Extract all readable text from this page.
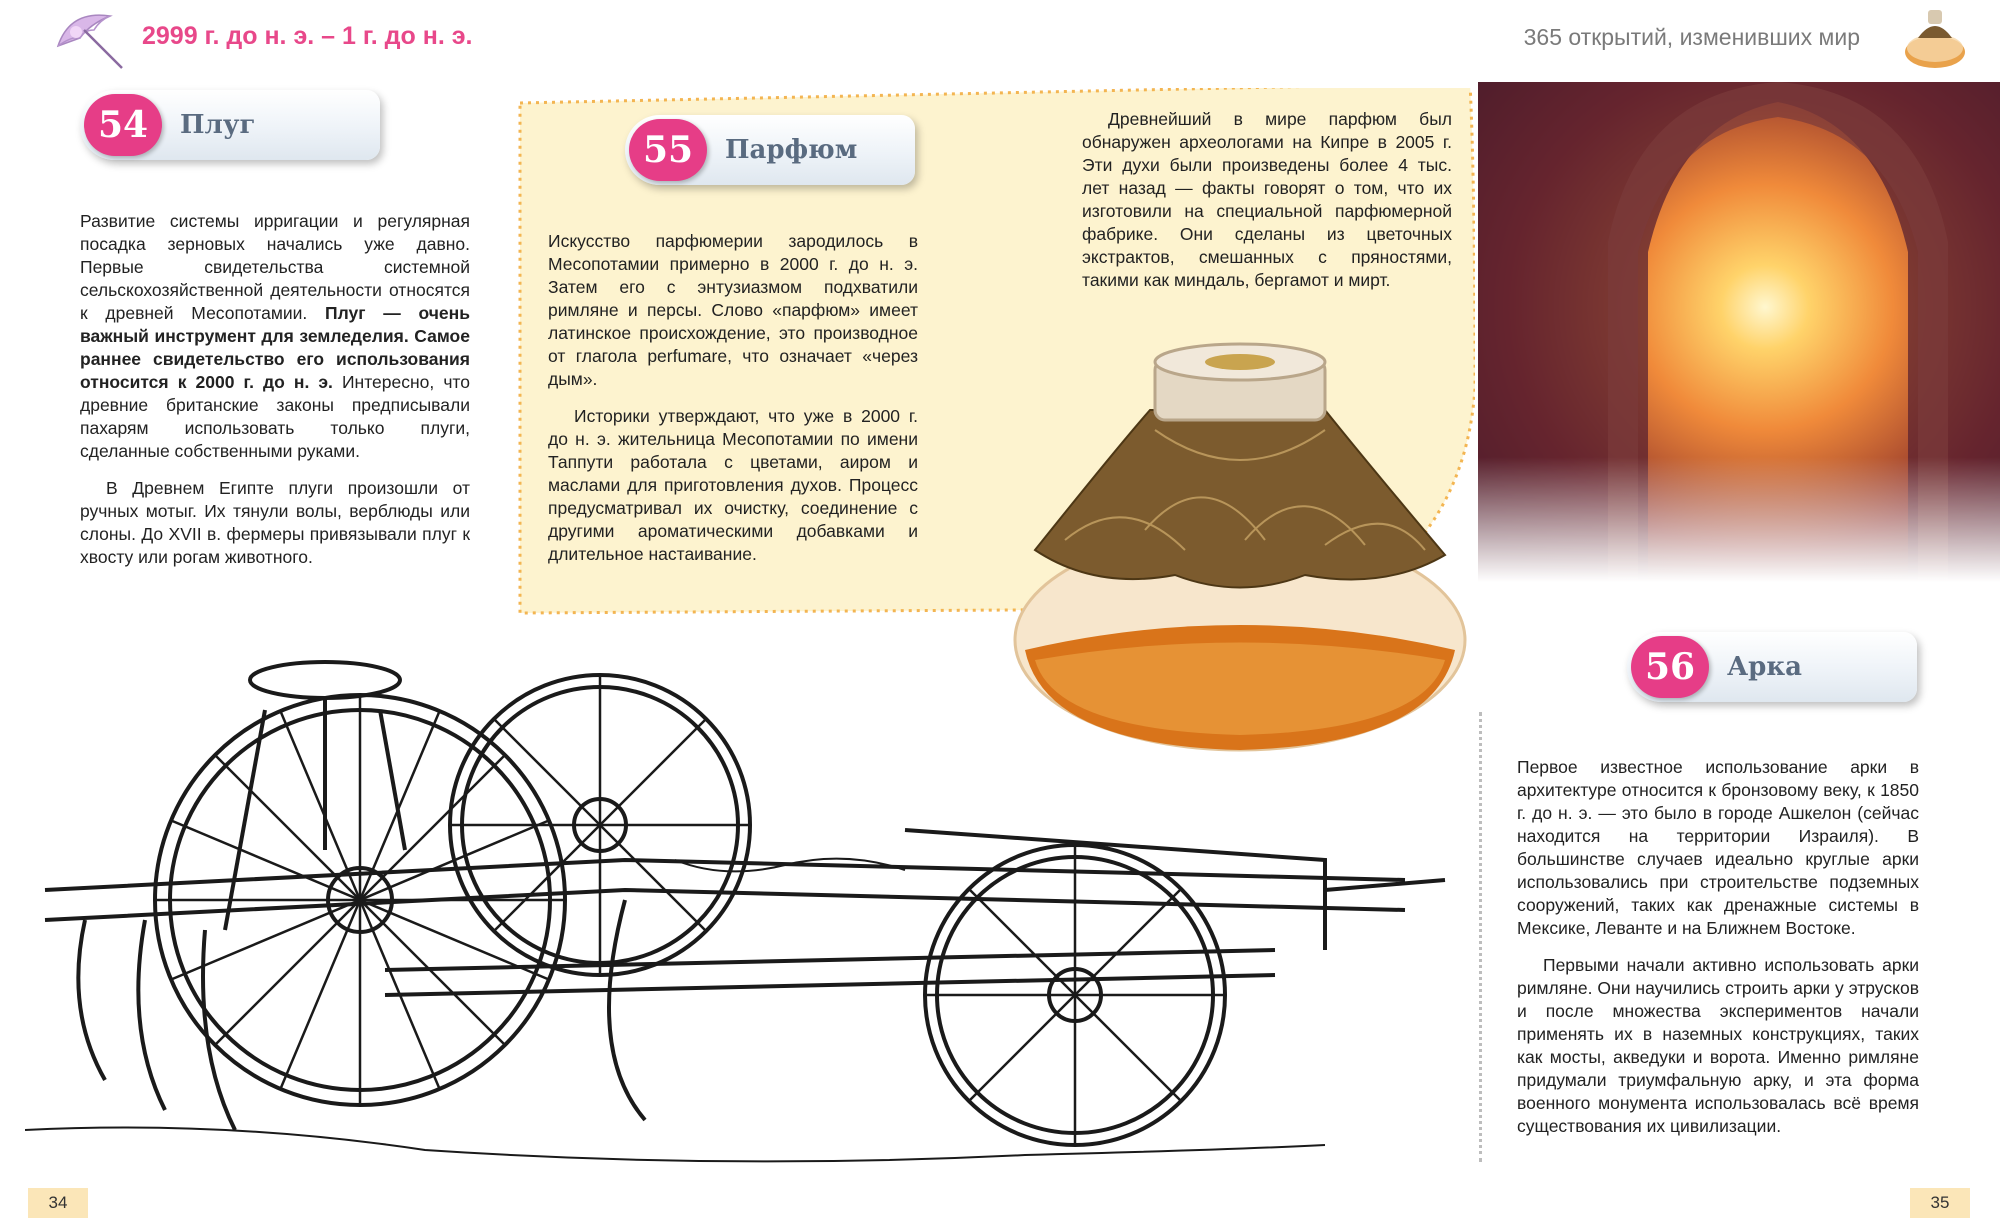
2999 г. до н. э. – 1 г. до н. э.	365 открытий, изменивших мир
54	Плуг

Развитие системы ирригации и регулярная посадка зерновых начались уже давно. Первые свидетельства системной сельскохозяйственной деятельности относятся к древней Месопотамии. Плуг — очень важный инструмент для земледелия. Самое раннее свидетельство его использования относится к 2000 г. до н. э. Интересно, что древние британские законы предписывали пахарям использовать только плуги, сделанные собственными руками.

В Древнем Египте плуги произошли от ручных мотыг. Их тянули волы, верблюды или слоны. До XVII в. фермеры привязывали плуг к хвосту или рогам животного.

55	Парфюм

Искусство парфюмерии зародилось в Месопотамии примерно в 2000 г. до н. э. Затем его с энтузиазмом подхватили римляне и персы. Слово «парфюм» имеет латинское происхождение, это производное от глагола perfumare, что означает «через дым».

Историки утверждают, что уже в 2000 г. до н. э. жительница Месопотамии по имени Таппути работала с цветами, аиром и маслами для приготовления духов. Процесс предусматривал их очистку, соединение с другими ароматическими добавками и длительное настаивание.

Древнейший в мире парфюм был обнаружен археологами на Кипре в 2005 г. Эти духи были произведены более 4 тыс. лет назад — факты говорят о том, что их изготовили на специальной парфюмерной фабрике. Они сделаны из цветочных экстрактов, смешанных с пряностями, такими как миндаль, бергамот и мирт.

56	Арка

Первое известное использование арки в архитектуре относится к бронзовому веку, к 1850 г. до н. э. — это было в городе Ашкелон (сейчас находится на территории Израиля). В большинстве случаев идеально круглые арки использовались при строительстве подземных сооружений, таких как дренажные системы в Мексике, Леванте и на Ближнем Востоке.

Первыми начали активно использовать арки римляне. Они научились строить арки у этрусков и после множества экспериментов начали применять их в наземных конструкциях, таких как мосты, акведуки и ворота. Именно римляне придумали триумфальную арку, и эта форма военного монумента использовалась всё время существования их цивилизации.

34	35
